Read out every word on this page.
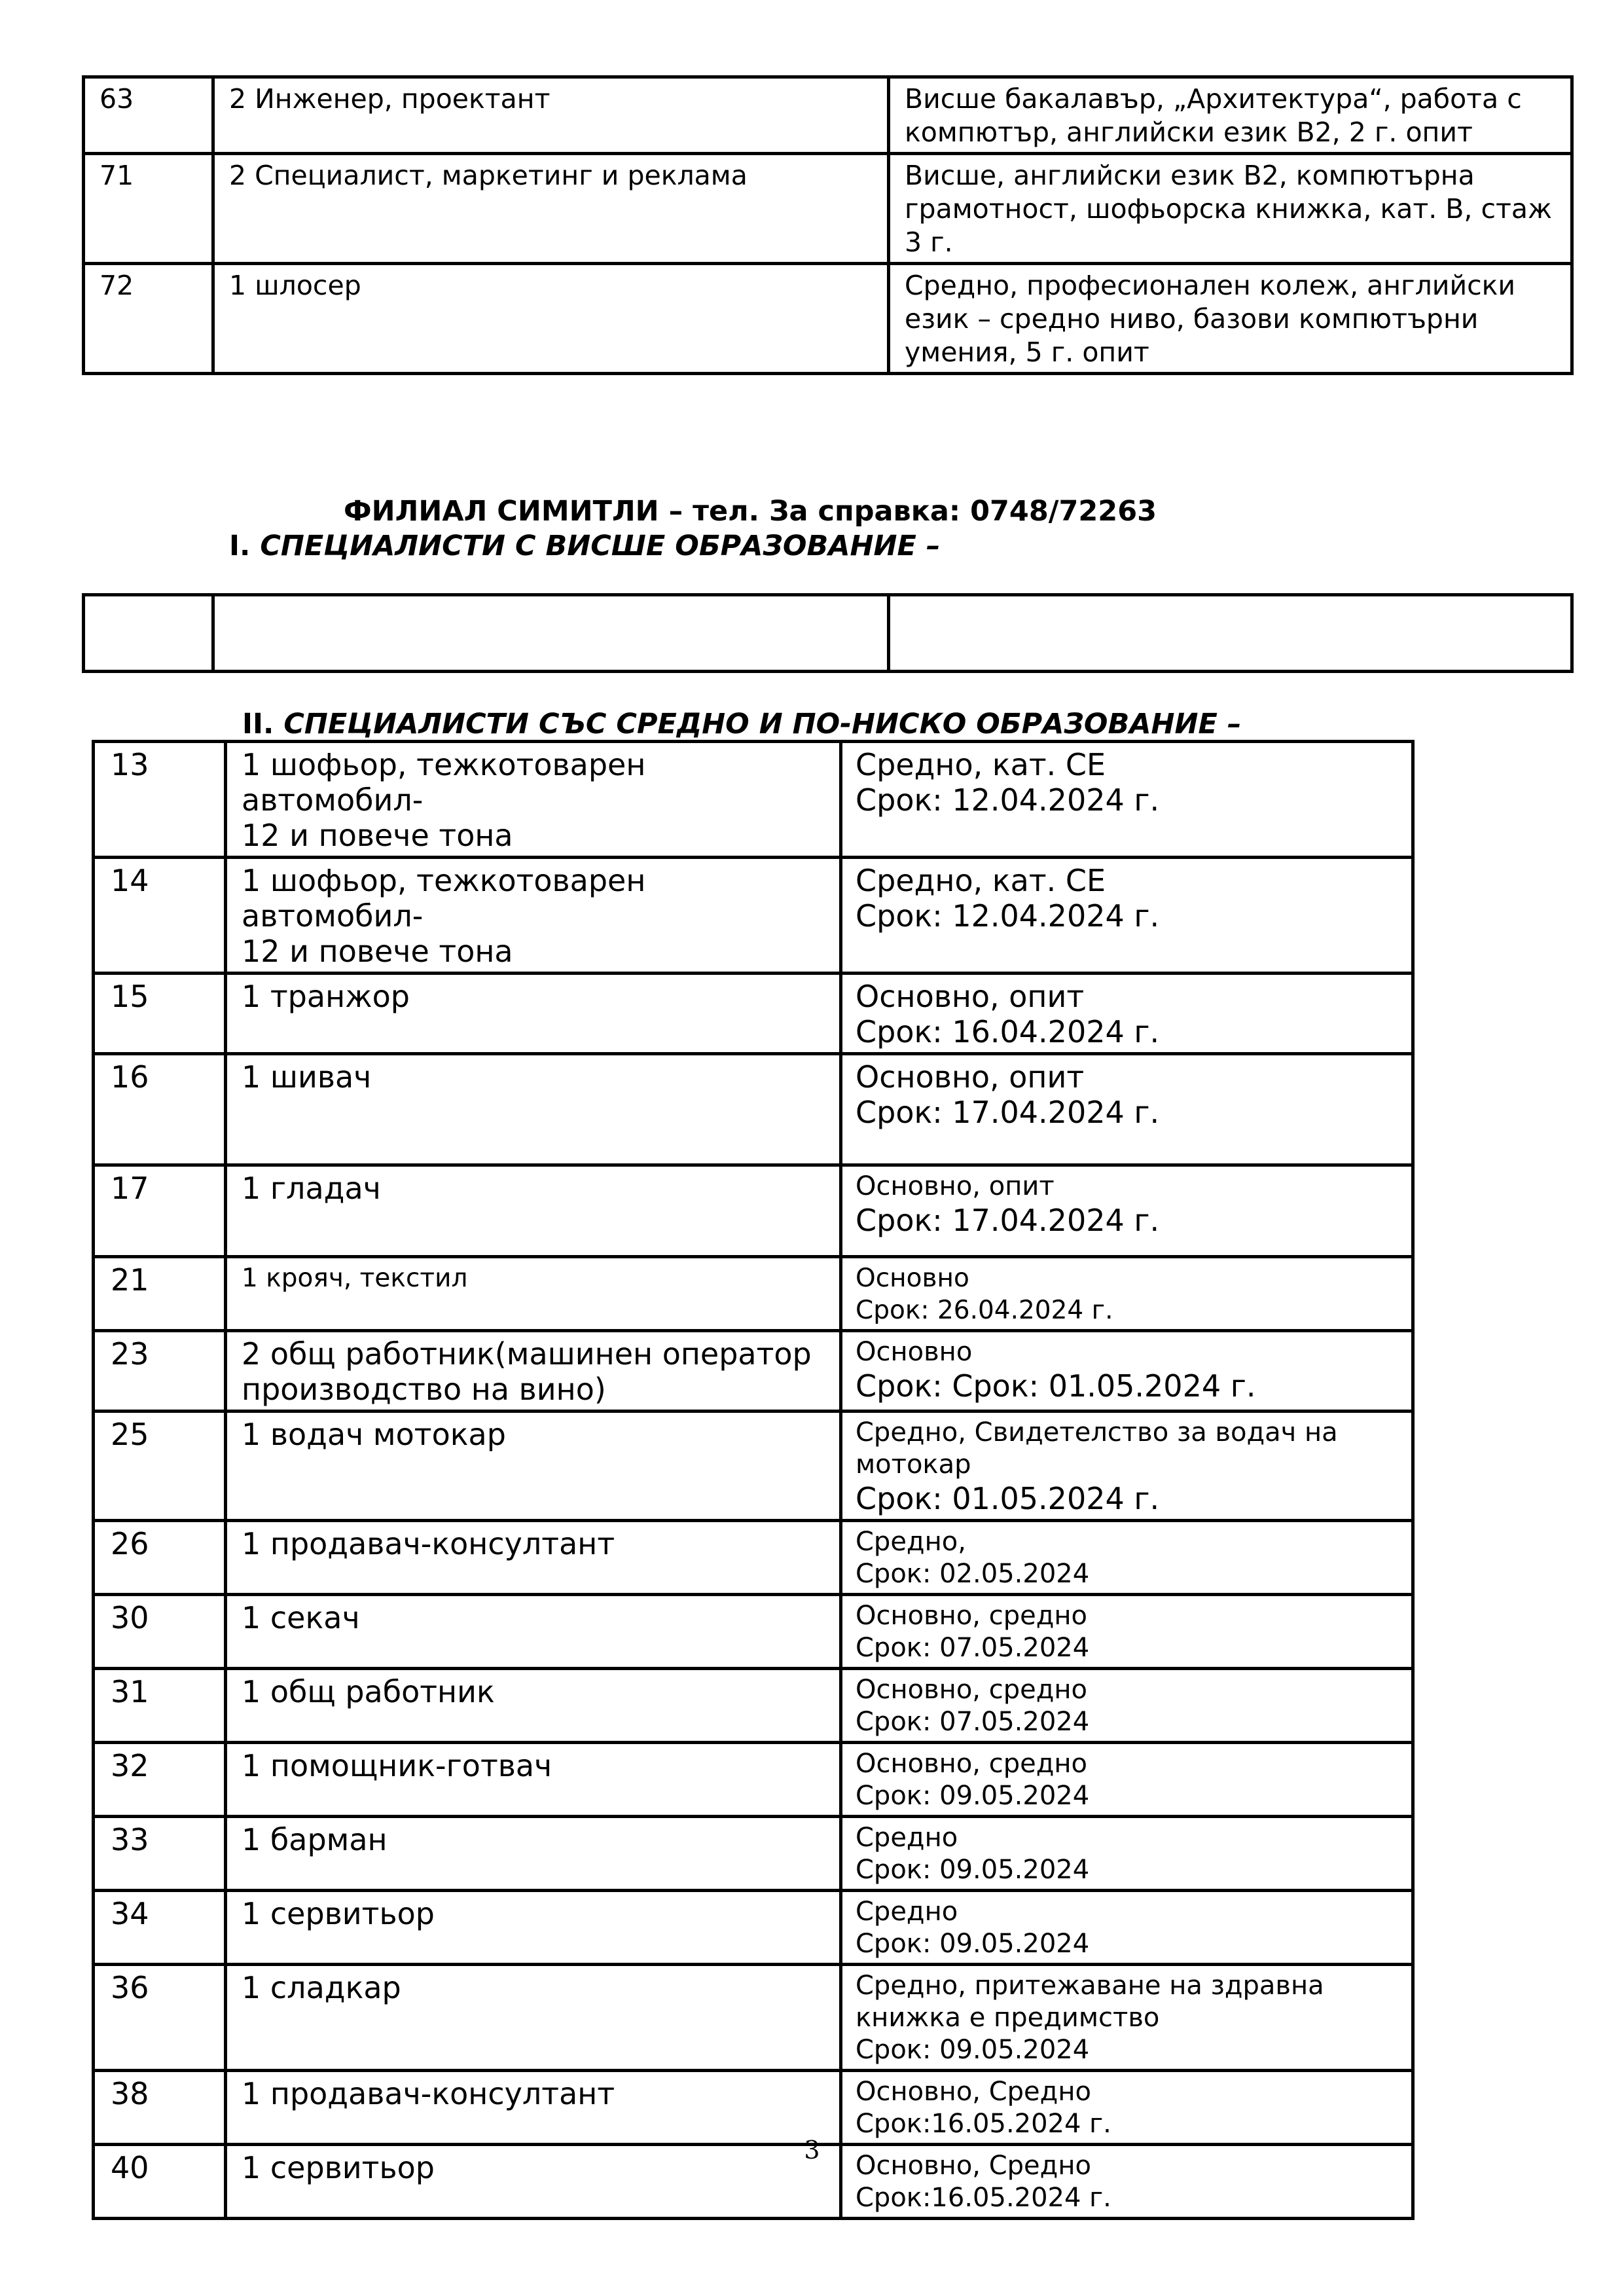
63	2 Инженер, проектант	Висше бакалавър, „Архитектура“, работа с
компютър, английски език В2, 2 г. опит

71	2 Специалист, маркетинг и реклама	Висше, английски език В2, компютърна
грамотност, шофьорска книжка, кат. В, стаж
3 г.

72	1 шлосер	Средно, професионален колеж, английски
език – средно ниво, базови компютърни
умения, 5 г. опит
ФИЛИАЛ СИМИТЛИ – тел. За справка: 0748/72263
I. СПЕЦИАЛИСТИ С ВИСШЕ ОБРАЗОВАНИЕ –

II. СПЕЦИАЛИСТИ СЪС СРЕДНО И ПО-НИСКО ОБРАЗОВАНИЕ –
13	1 шофьор, тежкотоварен автомобил-
12 и повече тона	Средно, кат. СЕ
Срок: 12.04.2024 г.

14	1 шофьор, тежкотоварен автомобил-
12 и повече тона	Средно, кат. СЕ
Срок: 12.04.2024 г.

15	1 транжор	Основно, опит
Срок: 16.04.2024 г.

16	1 шивач	Основно, опит
Срок: 17.04.2024 г.

17	1 гладач	Основно, опит
Срок: 17.04.2024 г.

21	1 крояч, текстил	Основно
Срок: 26.04.2024 г.

23	2 общ работник(машинен оператор
производство на вино)	Основно
Срок: Срок: 01.05.2024 г.

25	1 водач мотокар	Средно, Свидетелство за водач на
мотокар
Срок: 01.05.2024 г.

26	1 продавач-консултант	Средно,
Срок: 02.05.2024

30	1 секач	Основно, средно
Срок: 07.05.2024

31	1 общ работник	Основно, средно
Срок: 07.05.2024

32	1 помощник-готвач	Основно, средно
Срок: 09.05.2024

33	1 барман	Средно
Срок: 09.05.2024

34	1 сервитьор	Средно
Срок: 09.05.2024

36	1 сладкар	Средно, притежаване на здравна
книжка е предимство
Срок: 09.05.2024

38	1 продавач-консултант	Основно, Средно
Срок:16.05.2024 г.

40	1 сервитьор	Основно, Средно
Срок:16.05.2024 г.
3
